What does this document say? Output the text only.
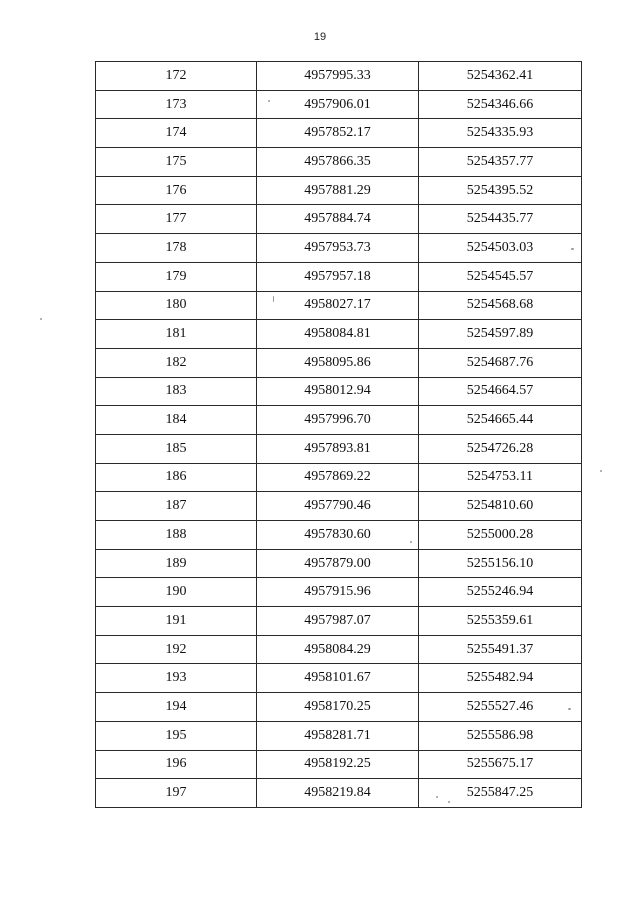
19
172	4957995.33	5254362.41
173	4957906.01	5254346.66
174	4957852.17	5254335.93
175	4957866.35	5254357.77
176	4957881.29	5254395.52
177	4957884.74	5254435.77
178	4957953.73	5254503.03
179	4957957.18	5254545.57
180	4958027.17	5254568.68
181	4958084.81	5254597.89
182	4958095.86	5254687.76
183	4958012.94	5254664.57
184	4957996.70	5254665.44
185	4957893.81	5254726.28
186	4957869.22	5254753.11
187	4957790.46	5254810.60
188	4957830.60	5255000.28
189	4957879.00	5255156.10
190	4957915.96	5255246.94
191	4957987.07	5255359.61
192	4958084.29	5255491.37
193	4958101.67	5255482.94
194	4958170.25	5255527.46
195	4958281.71	5255586.98
196	4958192.25	5255675.17
197	4958219.84	5255847.25
